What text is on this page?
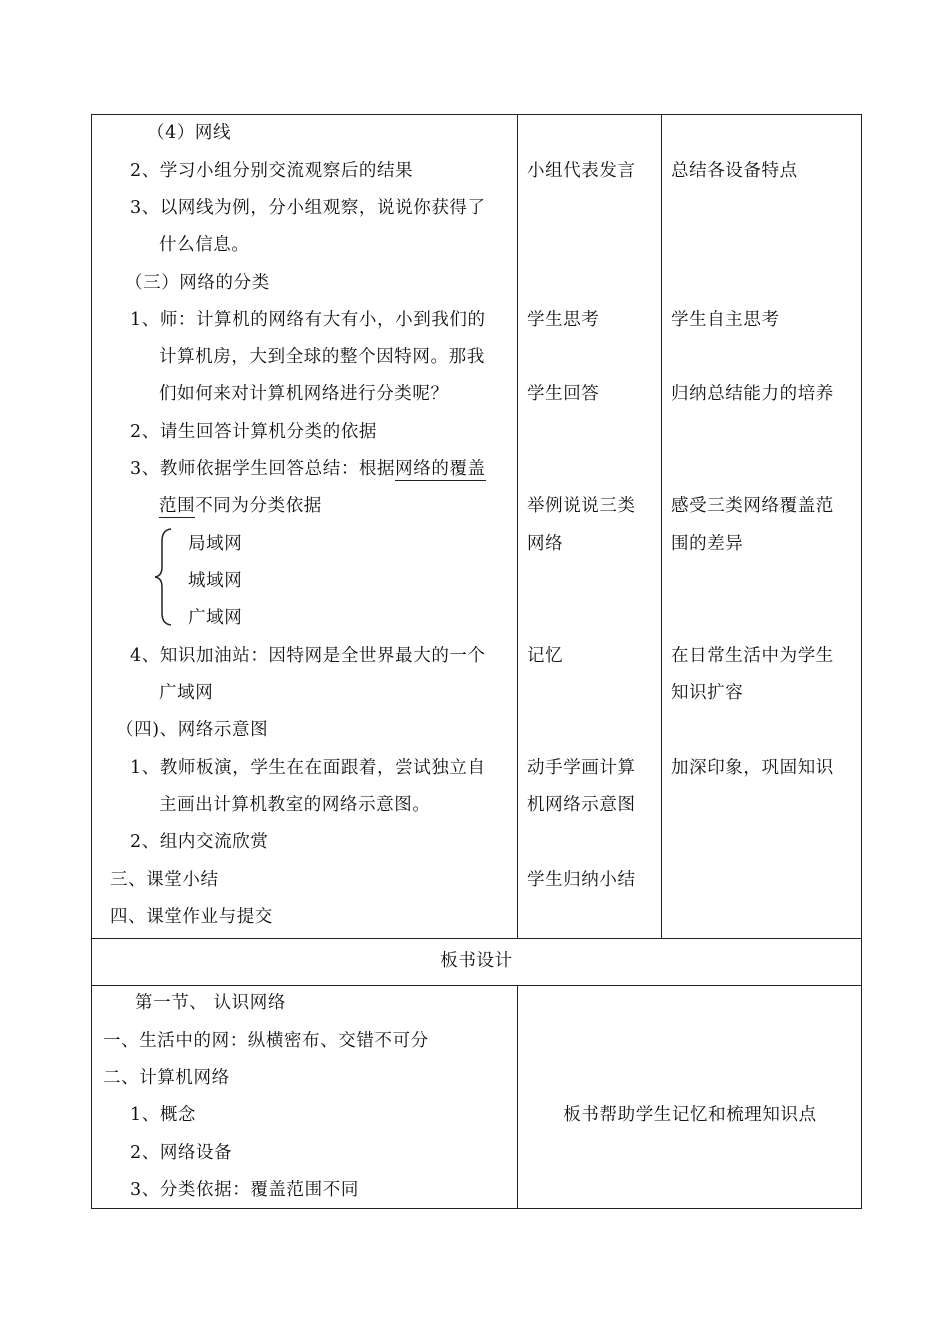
（4）网线
2、学习小组分别交流观察后的结果
3、以网线为例，分小组观察，说说你获得了
什么信息。
（三）网络的分类
1、师：计算机的网络有大有小，小到我们的
计算机房，大到全球的整个因特网。那我
们如何来对计算机网络进行分类呢？
2、请生回答计算机分类的依据
3、教师依据学生回答总结：根据网络的覆盖
范围不同为分类依据
局域网
城域网
广域网
4、知识加油站：因特网是全世界最大的一个
广域网
（四)、网络示意图
1、教师板演，学生在在面跟着，尝试独立自
主画出计算机教室的网络示意图。
2、组内交流欣赏
三、课堂小结
四、课堂作业与提交
小组代表发言
学生思考
学生回答
举例说说三类
网络
记忆
动手学画计算
机网络示意图
学生归纳小结
总结各设备特点
学生自主思考
归纳总结能力的培养
感受三类网络覆盖范
围的差异
在日常生活中为学生
知识扩容
加深印象，巩固知识
板书设计
第一节、 认识网络
一、生活中的网：纵横密布、交错不可分
二、计算机网络
1、概念
2、网络设备
3、分类依据：覆盖范围不同
板书帮助学生记忆和梳理知识点
